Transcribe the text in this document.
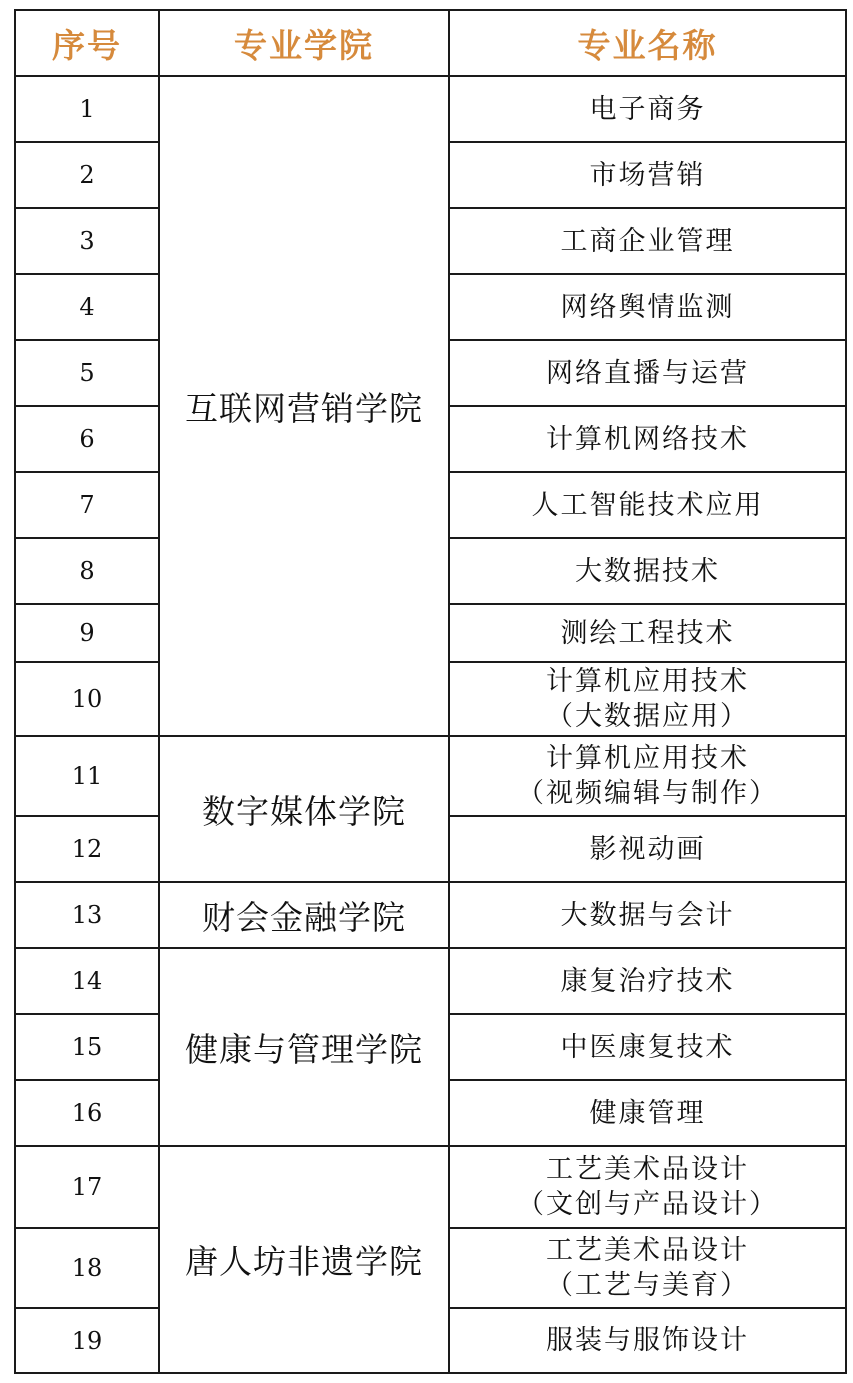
序号	专业学院	专业名称
1	互联网营销学院	电子商务
2		市场营销
3		工商企业管理
4		网络舆情监测
5		网络直播与运营
6		计算机网络技术
7		人工智能技术应用
8		大数据技术
9		测绘工程技术
10		计算机应用技术
（大数据应用）

11	数字媒体学院	计算机应用技术
（视频编辑与制作）

12		影视动画
13	财会金融学院	大数据与会计
14	健康与管理学院	康复治疗技术
15		中医康复技术
16		健康管理
17	唐人坊非遗学院	工艺美术品设计
（文创与产品设计）

18		工艺美术品设计
（工艺与美育）

19		服装与服饰设计
